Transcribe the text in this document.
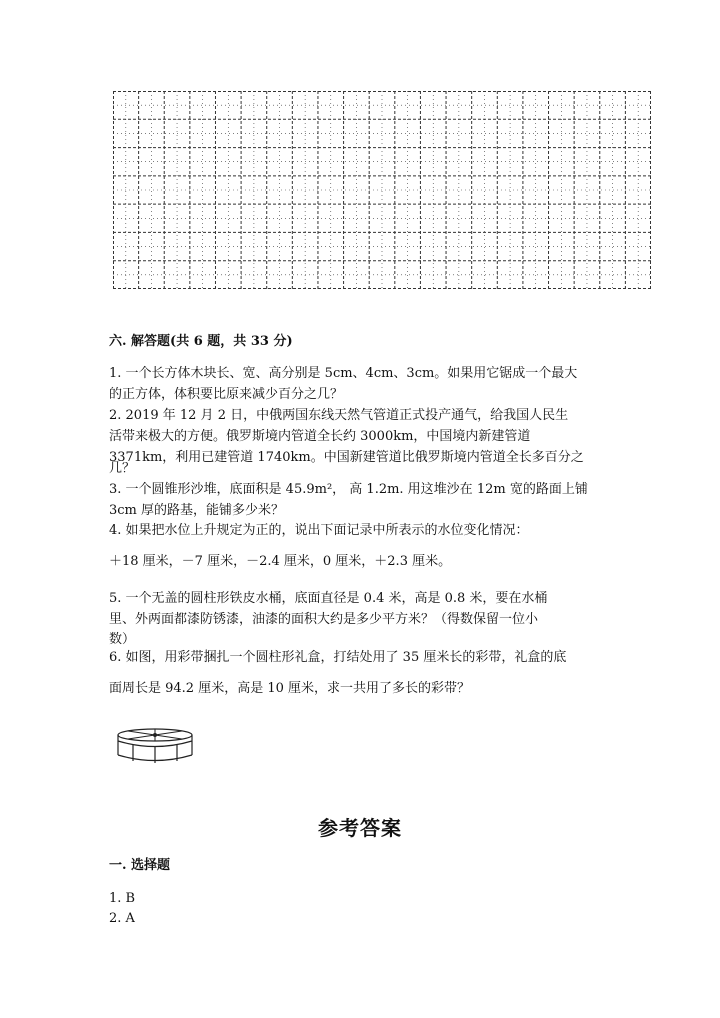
六. 解答题(共 6 题，共 33 分)
1. 一个长方体木块长、宽、高分别是 5cm、4cm、3cm。如果用它锯成一个最大
的正方体，体积要比原来减少百分之几？
2. 2019 年 12 月 2 日，中俄两国东线天然气管道正式投产通气，给我国人民生
活带来极大的方便。俄罗斯境内管道全长约 3000km，中国境内新建管道
3371km，利用已建管道 1740km。中国新建管道比俄罗斯境内管道全长多百分之
几？
3. 一个圆锥形沙堆，底面积是 45.9m²， 高 1.2m. 用这堆沙在 12m 宽的路面上铺
3cm 厚的路基，能铺多少米？
4. 如果把水位上升规定为正的，说出下面记录中所表示的水位变化情况：
＋18 厘米，－7 厘米，－2.4 厘米，0 厘米，＋2.3 厘米。
5. 一个无盖的圆柱形铁皮水桶，底面直径是 0.4 米，高是 0.8 米，要在水桶
里、外两面都漆防锈漆，油漆的面积大约是多少平方米？（得数保留一位小
数）
6. 如图，用彩带捆扎一个圆柱形礼盒，打结处用了 35 厘米长的彩带，礼盒的底
面周长是 94.2 厘米，高是 10 厘米，求一共用了多长的彩带？
参考答案
一. 选择题
1. B
2. A
